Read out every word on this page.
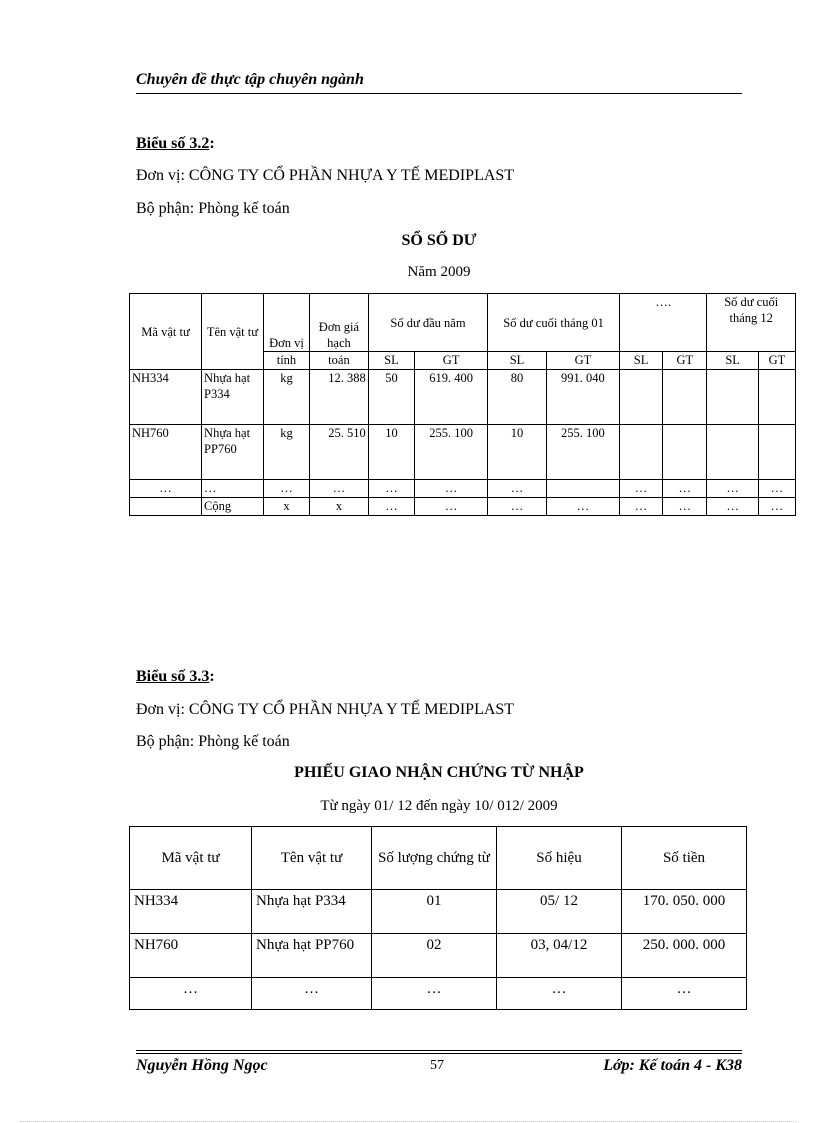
Chuyên đề thực tập chuyên ngành
Biểu số 3.2:
Đơn vị: CÔNG TY CỔ PHẦN NHỰA Y TẾ MEDIPLAST
Bộ phận: Phòng kế toán
SỔ SỐ DƯ
Năm 2009
Mã vật tư	Tên vật tư	Đơn vị	Đơn giá hạch	Số dư đầu năm		Số dư cuối tháng 01		….		Số dư cuối tháng 12	
		tính	toán	SL	GT	SL	GT	SL	GT	SL	GT
NH334	Nhựa hạt P334	kg	12. 388	50	619. 400	80	991. 040				
NH760	Nhựa hạt PP760	kg	25. 510	10	255. 100	10	255. 100				
…	…	…	…	…	…	…		…	…	…	…
	Cộng	x	x	…	…	…	…	…	…	…	…
Biểu số 3.3:
Đơn vị: CÔNG TY CỔ PHẦN NHỰA Y TẾ MEDIPLAST
Bộ phận: Phòng kế toán
PHIẾU GIAO NHẬN CHỨNG TỪ NHẬP
Từ ngày 01/ 12 đến ngày 10/ 012/ 2009
Mã vật tư	Tên vật tư	Số lượng chứng từ	Số hiệu	Số tiền
NH334	Nhựa hạt P334	01	05/ 12	170. 050. 000
NH760	Nhựa hạt PP760	02	03, 04/12	250. 000. 000
…	…	…	…	…
Nguyễn Hồng Ngọc	57	Lớp: Kế toán 4 - K38
